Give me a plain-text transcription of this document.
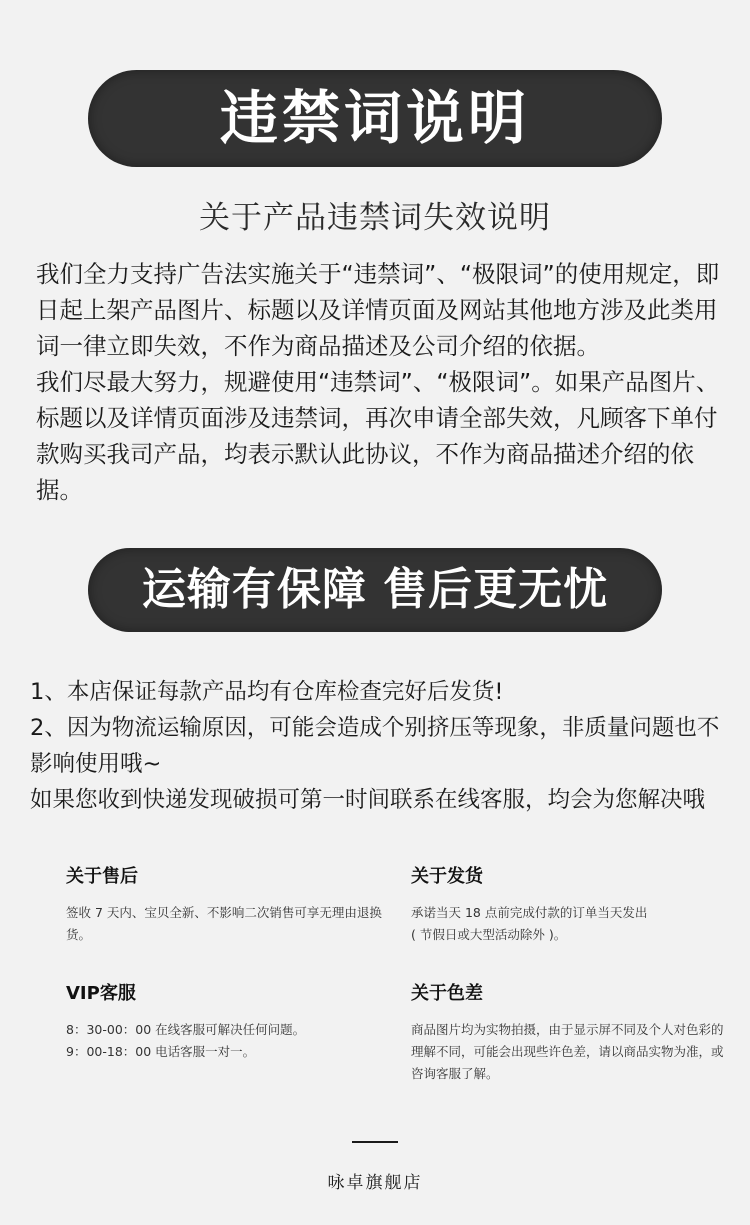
违禁词说明
关于产品违禁词失效说明

我们全力支持广告法实施关于“违禁词”、“极限词”的使用规定，即日起上架产品图片、标题以及详情页面及网站其他地方涉及此类用词一律立即失效，不作为商品描述及公司介绍的依据。

我们尽最大努力，规避使用“违禁词”、“极限词”。如果产品图片、标题以及详情页面涉及违禁词，再次申请全部失效，凡顾客下单付款购买我司产品，均表示默认此协议，不作为商品描述介绍的依据。

运输有保障 售后更无忧
1、本店保证每款产品均有仓库检查完好后发货!
2、因为物流运输原因，可能会造成个别挤压等现象，非质量问题也不影响使用哦~
如果您收到快递发现破损可第一时间联系在线客服，均会为您解决哦
关于售后

签收 7 天内、宝贝全新、不影响二次销售可享无理由退换货。

关于发货

承诺当天 18 点前完成付款的订单当天发出

( 节假日或大型活动除外 )。

VIP客服

8：30-00：00 在线客服可解决任何问题。

9：00-18：00 电话客服一对一。

关于色差

商品图片均为实物拍摄，由于显示屏不同及个人对色彩的理解不同，可能会出现些许色差，请以商品实物为准，或咨询客服了解。

咏卓旗舰店
